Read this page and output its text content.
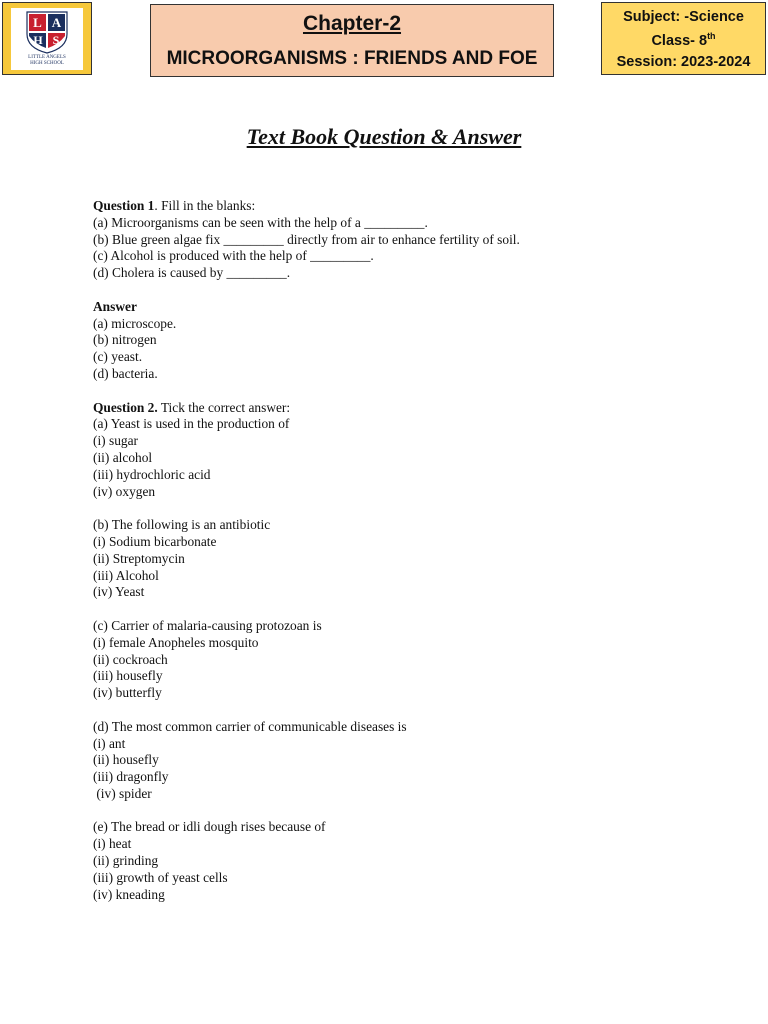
L A
H S
LITTLE ANGELS
HIGH SCHOOL
Chapter-2
MICROORGANISMS : FRIENDS AND FOE
Subject: -Science
Class- 8th
Session: 2023-2024
Text Book Question & Answer
Question 1. Fill in the blanks:
(a) Microorganisms can be seen with the help of a _________.
(b) Blue green algae fix _________ directly from air to enhance fertility of soil.
(c) Alcohol is produced with the help of _________.
(d) Cholera is caused by _________.
Answer
(a) microscope.
(b) nitrogen
(c) yeast.
(d) bacteria.
Question 2. Tick the correct answer:
(a) Yeast is used in the production of
(i) sugar
(ii) alcohol
(iii) hydrochloric acid
(iv) oxygen
(b) The following is an antibiotic
(i) Sodium bicarbonate
(ii) Streptomycin
(iii) Alcohol
(iv) Yeast
(c) Carrier of malaria-causing protozoan is
(i) female Anopheles mosquito
(ii) cockroach
(iii) housefly
(iv) butterfly
(d) The most common carrier of communicable diseases is
(i) ant
(ii) housefly
(iii) dragonfly
(iv) spider
(e) The bread or idli dough rises because of
(i) heat
(ii) grinding
(iii) growth of yeast cells
(iv) kneading
